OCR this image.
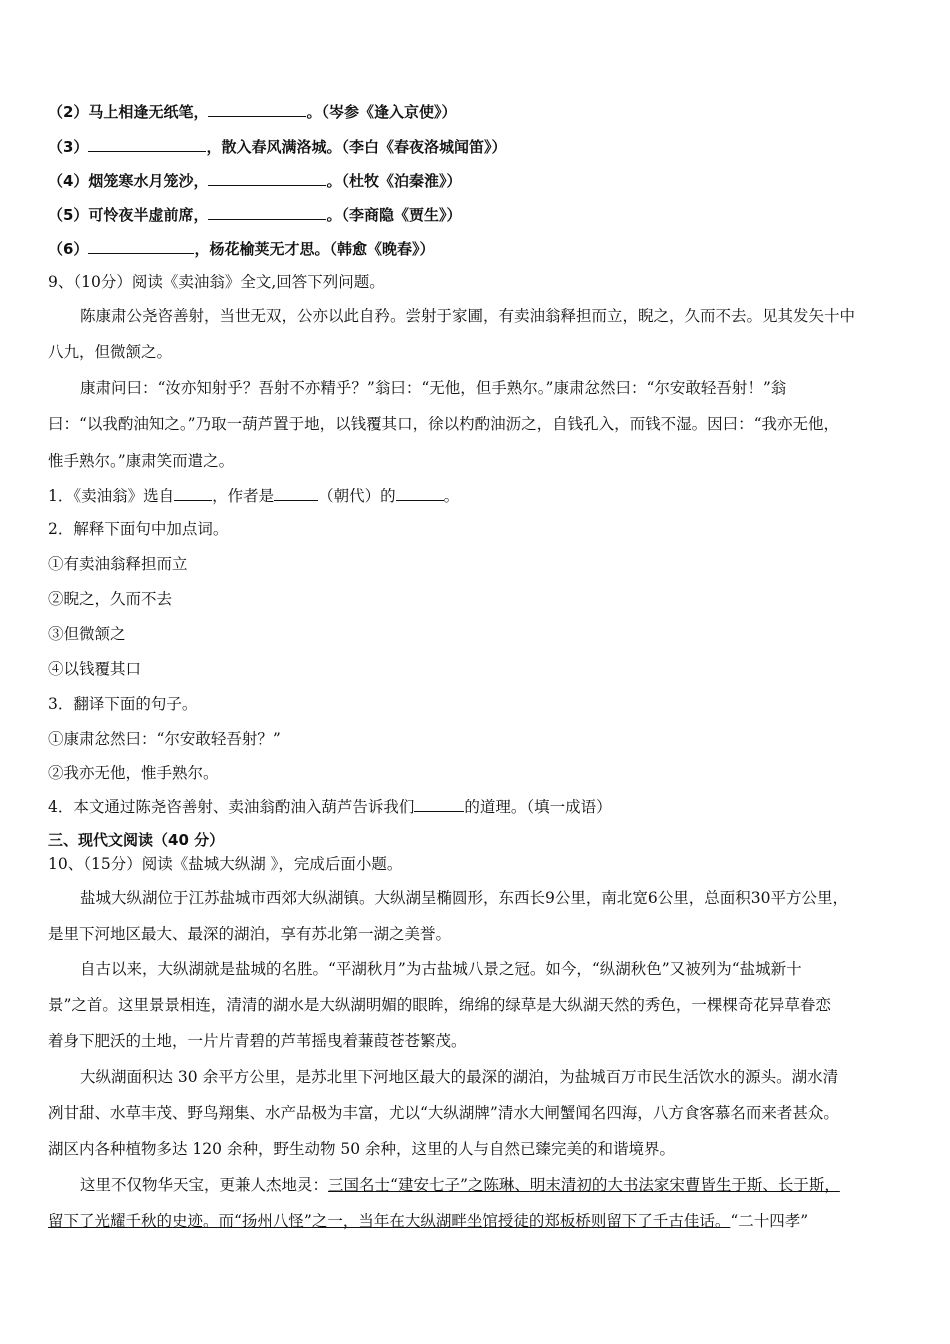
（2）马上相逢无纸笔，	。（岑参《逢入京使》）
（3）	，散入春风满洛城。（李白《春夜洛城闻笛》）
（4）烟笼寒水月笼沙，	。（杜牧《泊秦淮》）
（5）可怜夜半虚前席，	。（李商隐《贾生》）
（6）	，杨花榆荚无才思。（韩愈《晚春》）
9、（10分）阅读《卖油翁》全文,回答下列问题。
陈康肃公尧咨善射，当世无双，公亦以此自矜。尝射于家圃，有卖油翁释担而立，睨之，久而不去。见其发矢十中
八九，但微颔之。
康肃问曰：“汝亦知射乎？吾射不亦精乎？”翁曰：“无他，但手熟尔。”康肃忿然曰：“尔安敢轻吾射！”翁
曰：“以我酌油知之。”乃取一葫芦置于地，以钱覆其口，徐以杓酌油沥之，自钱孔入，而钱不湿。因曰：“我亦无他，
惟手熟尔。”康肃笑而遣之。
1．《卖油翁》选自 ，作者是	（朝代）的	。
2．解释下面句中加点词。
①有卖油翁释担而立
②睨之，久而不去
③但微颔之
④以钱覆其口
3．翻译下面的句子。
①康肃忿然曰：“尔安敢轻吾射？”
②我亦无他，惟手熟尔。
4．本文通过陈尧咨善射、卖油翁酌油入葫芦告诉我们	的道理。（填一成语）
三、现代文阅读（40 分）
10、（15分）阅读《盐城大纵湖 》，完成后面小题。
盐城大纵湖位于江苏盐城市西郊大纵湖镇。大纵湖呈椭圆形，东西长9公里，南北宽6公里，总面积30平方公里，
是里下河地区最大、最深的湖泊，享有苏北第一湖之美誉。
自古以来，大纵湖就是盐城的名胜。“平湖秋月”为古盐城八景之冠。如今，“纵湖秋色”又被列为“盐城新十
景”之首。这里景景相连，清清的湖水是大纵湖明媚的眼眸，绵绵的绿草是大纵湖天然的秀色，一棵棵奇花异草眷恋
着身下肥沃的土地，一片片青碧的芦苇摇曳着蒹葭苍苍繁茂。
大纵湖面积达 30 余平方公里，是苏北里下河地区最大的最深的湖泊，为盐城百万市民生活饮水的源头。湖水清
冽甘甜、水草丰茂、野鸟翔集、水产品极为丰富，尤以“大纵湖牌”清水大闸蟹闻名四海，八方食客慕名而来者甚众。
湖区内各种植物多达 120 余种，野生动物 50 余种，这里的人与自然已臻完美的和谐境界。
这里不仅物华天宝，更兼人杰地灵：三国名士“建安七子”之陈琳、明末清初的大书法家宋曹皆生于斯、长于斯，
留下了光耀千秋的史迹。而“扬州八怪”之一，当年在大纵湖畔坐馆授徒的郑板桥则留下了千古佳话。“二十四孝”
